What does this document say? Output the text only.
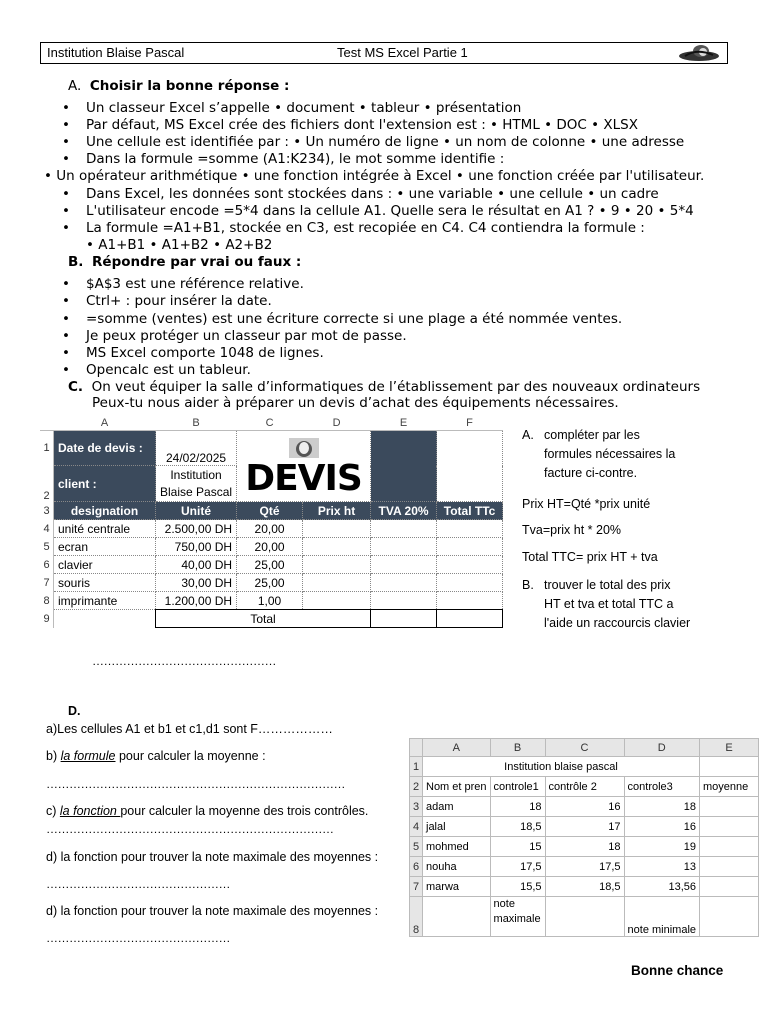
Institution Blaise Pascal	Test MS Excel Partie 1
A. Choisir la bonne réponse :
• Un classeur Excel s’appelle • document • tableur • présentation
• Par défaut, MS Excel crée des fichiers dont l'extension est : • HTML • DOC • XLSX
• Une cellule est identifiée par : • Un numéro de ligne • un nom de colonne • une adresse
• Dans la formule =somme (A1:K234), le mot somme identifie :
• Un opérateur arithmétique • une fonction intégrée à Excel • une fonction créée par l'utilisateur.
• Dans Excel, les données sont stockées dans : • une variable • une cellule • un cadre
• L'utilisateur encode =5*4 dans la cellule A1. Quelle sera le résultat en A1 ? • 9 • 20 • 5*4
• La formule =A1+B1, stockée en C3, est recopiée en C4. C4 contiendra la formule :
• A1+B1 • A1+B2 • A2+B2
B. Répondre par vrai ou faux :
• $A$3 est une référence relative.
• Ctrl+ : pour insérer la date.
• =somme (ventes) est une écriture correcte si une plage a été nommée ventes.
• Je peux protéger un classeur par mot de passe.
• MS Excel comporte 1048 de lignes.
• Opencalc est un tableur.
C. On veut équiper la salle d’informatiques de l’établissement par des nouveaux ordinateurs
Peux-tu nous aider à préparer un devis d’achat des équipements nécessaires.
	A	B	C	D	E	F
1	Date de devis :	24/02/2025	DEVIS			

2	client :	Institution
Blaise Pascal				

3	designation	Unité	Qté	Prix ht	TVA 20%	Total TTc
4	unité centrale	2.500,00 DH	20,00			
5	ecran	750,00 DH	20,00			
6	clavier	40,00 DH	25,00			
7	souris	30,00 DH	25,00			
8	imprimante	1.200,00 DH	1,00			
9		Total				
…………………………………………
A. compléter par les
formules nécessaires la
facture ci-contre.
Prix HT=Qté *prix unité
Tva=prix ht * 20%
Total TTC= prix HT + tva
B. trouver le total des prix
HT et tva et total TTC a
l'aide un raccourcis clavier
D.
a)Les cellules A1 et b1 et c1,d1 sont F………………
b) la formule pour calculer la moyenne :
……………………………………………………………………
c) la fonction pour calculer la moyenne des trois contrôles.
…………………………………………………………………
d) la fonction pour trouver la note maximale des moyennes :
…………………………………………
d) la fonction pour trouver la note maximale des moyennes :
…………………………………………
	A	B	C	D	E
1	Institution blaise pascal				
2	Nom et pren	controle1	contrôle 2	controle3	moyenne
3	adam	18	16	18	
4	jalal	18,5	17	16	
5	mohmed	15	18	19	
6	nouha	17,5	17,5	13	
7	marwa	15,5	18,5	13,56	
8		note
maximale		note minimale	
Bonne chance
